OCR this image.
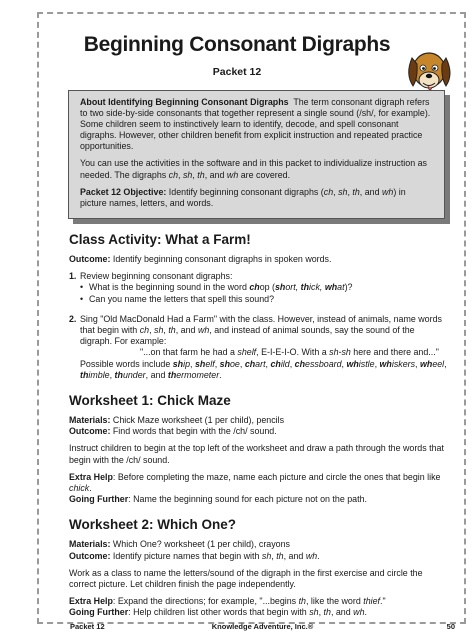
Beginning Consonant Digraphs
Packet 12

About Identifying Beginning Consonant Digraphs The term consonant digraph refers to two side-by-side consonants that together represent a single sound (/sh/, for example). Some children seem to instinctively learn to identify, decode, and spell consonant digraphs. However, other children benefit from explicit instruction and repeated practice opportunities.

You can use the activities in the software and in this packet to individualize instruction as needed. The digraphs ch, sh, th, and wh are covered.

Packet 12 Objective: Identify beginning consonant digraphs (ch, sh, th, and wh) in picture names, letters, and words.

Class Activity: What a Farm!

Outcome: Identify beginning consonant digraphs in spoken words.

1. Review beginning consonant digraphs:
• What is the beginning sound in the word chop (short, thick, what)?
• Can you name the letters that spell this sound?
2. Sing "Old MacDonald Had a Farm" with the class. However, instead of animals, name words that begin with ch, sh, th, and wh, and instead of animal sounds, say the sound of the digraph. For example:
"...on that farm he had a shelf, E-I-E-I-O. With a sh-sh here and there and..."
Possible words include ship, shelf, shoe, chart, child, chessboard, whistle, whiskers, wheel, thimble, thunder, and thermometer.
Worksheet 1: Chick Maze

Materials: Chick Maze worksheet (1 per child), pencils

Outcome: Find words that begin with the /ch/ sound.

Instruct children to begin at the top left of the worksheet and draw a path through the words that begin with the /ch/ sound.

Extra Help: Before completing the maze, name each picture and circle the ones that begin like chick.

Going Further: Name the beginning sound for each picture not on the path.

Worksheet 2: Which One?

Materials: Which One? worksheet (1 per child), crayons

Outcome: Identify picture names that begin with sh, th, and wh.

Work as a class to name the letters/sound of the digraph in the first exercise and circle the correct picture. Let children finish the page independently.

Extra Help: Expand the directions; for example, "...begins th, like the word thief."

Going Further: Help children list other words that begin with sh, th, and wh.

Packet 12	Knowledge Adventure, Inc.®	50
